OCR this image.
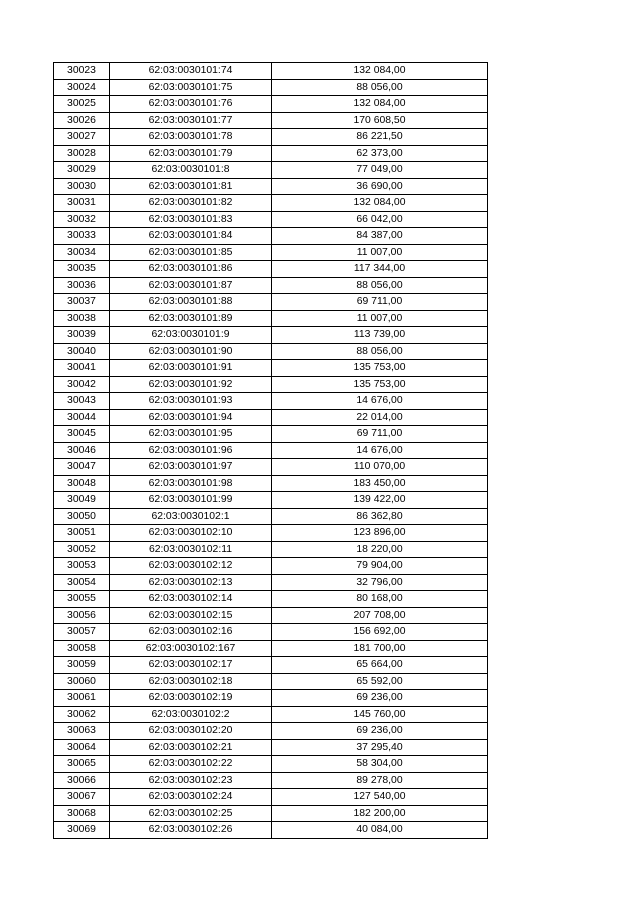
30023	62:03:0030101:74	132 084,00
30024	62:03:0030101:75	88 056,00
30025	62:03:0030101:76	132 084,00
30026	62:03:0030101:77	170 608,50
30027	62:03:0030101:78	86 221,50
30028	62:03:0030101:79	62 373,00
30029	62:03:0030101:8	77 049,00
30030	62:03:0030101:81	36 690,00
30031	62:03:0030101:82	132 084,00
30032	62:03:0030101:83	66 042,00
30033	62:03:0030101:84	84 387,00
30034	62:03:0030101:85	11 007,00
30035	62:03:0030101:86	117 344,00
30036	62:03:0030101:87	88 056,00
30037	62:03:0030101:88	69 711,00
30038	62:03:0030101:89	11 007,00
30039	62:03:0030101:9	113 739,00
30040	62:03:0030101:90	88 056,00
30041	62:03:0030101:91	135 753,00
30042	62:03:0030101:92	135 753,00
30043	62:03:0030101:93	14 676,00
30044	62:03:0030101:94	22 014,00
30045	62:03:0030101:95	69 711,00
30046	62:03:0030101:96	14 676,00
30047	62:03:0030101:97	110 070,00
30048	62:03:0030101:98	183 450,00
30049	62:03:0030101:99	139 422,00
30050	62:03:0030102:1	86 362,80
30051	62:03:0030102:10	123 896,00
30052	62:03:0030102:11	18 220,00
30053	62:03:0030102:12	79 904,00
30054	62:03:0030102:13	32 796,00
30055	62:03:0030102:14	80 168,00
30056	62:03:0030102:15	207 708,00
30057	62:03:0030102:16	156 692,00
30058	62:03:0030102:167	181 700,00
30059	62:03:0030102:17	65 664,00
30060	62:03:0030102:18	65 592,00
30061	62:03:0030102:19	69 236,00
30062	62:03:0030102:2	145 760,00
30063	62:03:0030102:20	69 236,00
30064	62:03:0030102:21	37 295,40
30065	62:03:0030102:22	58 304,00
30066	62:03:0030102:23	89 278,00
30067	62:03:0030102:24	127 540,00
30068	62:03:0030102:25	182 200,00
30069	62:03:0030102:26	40 084,00
